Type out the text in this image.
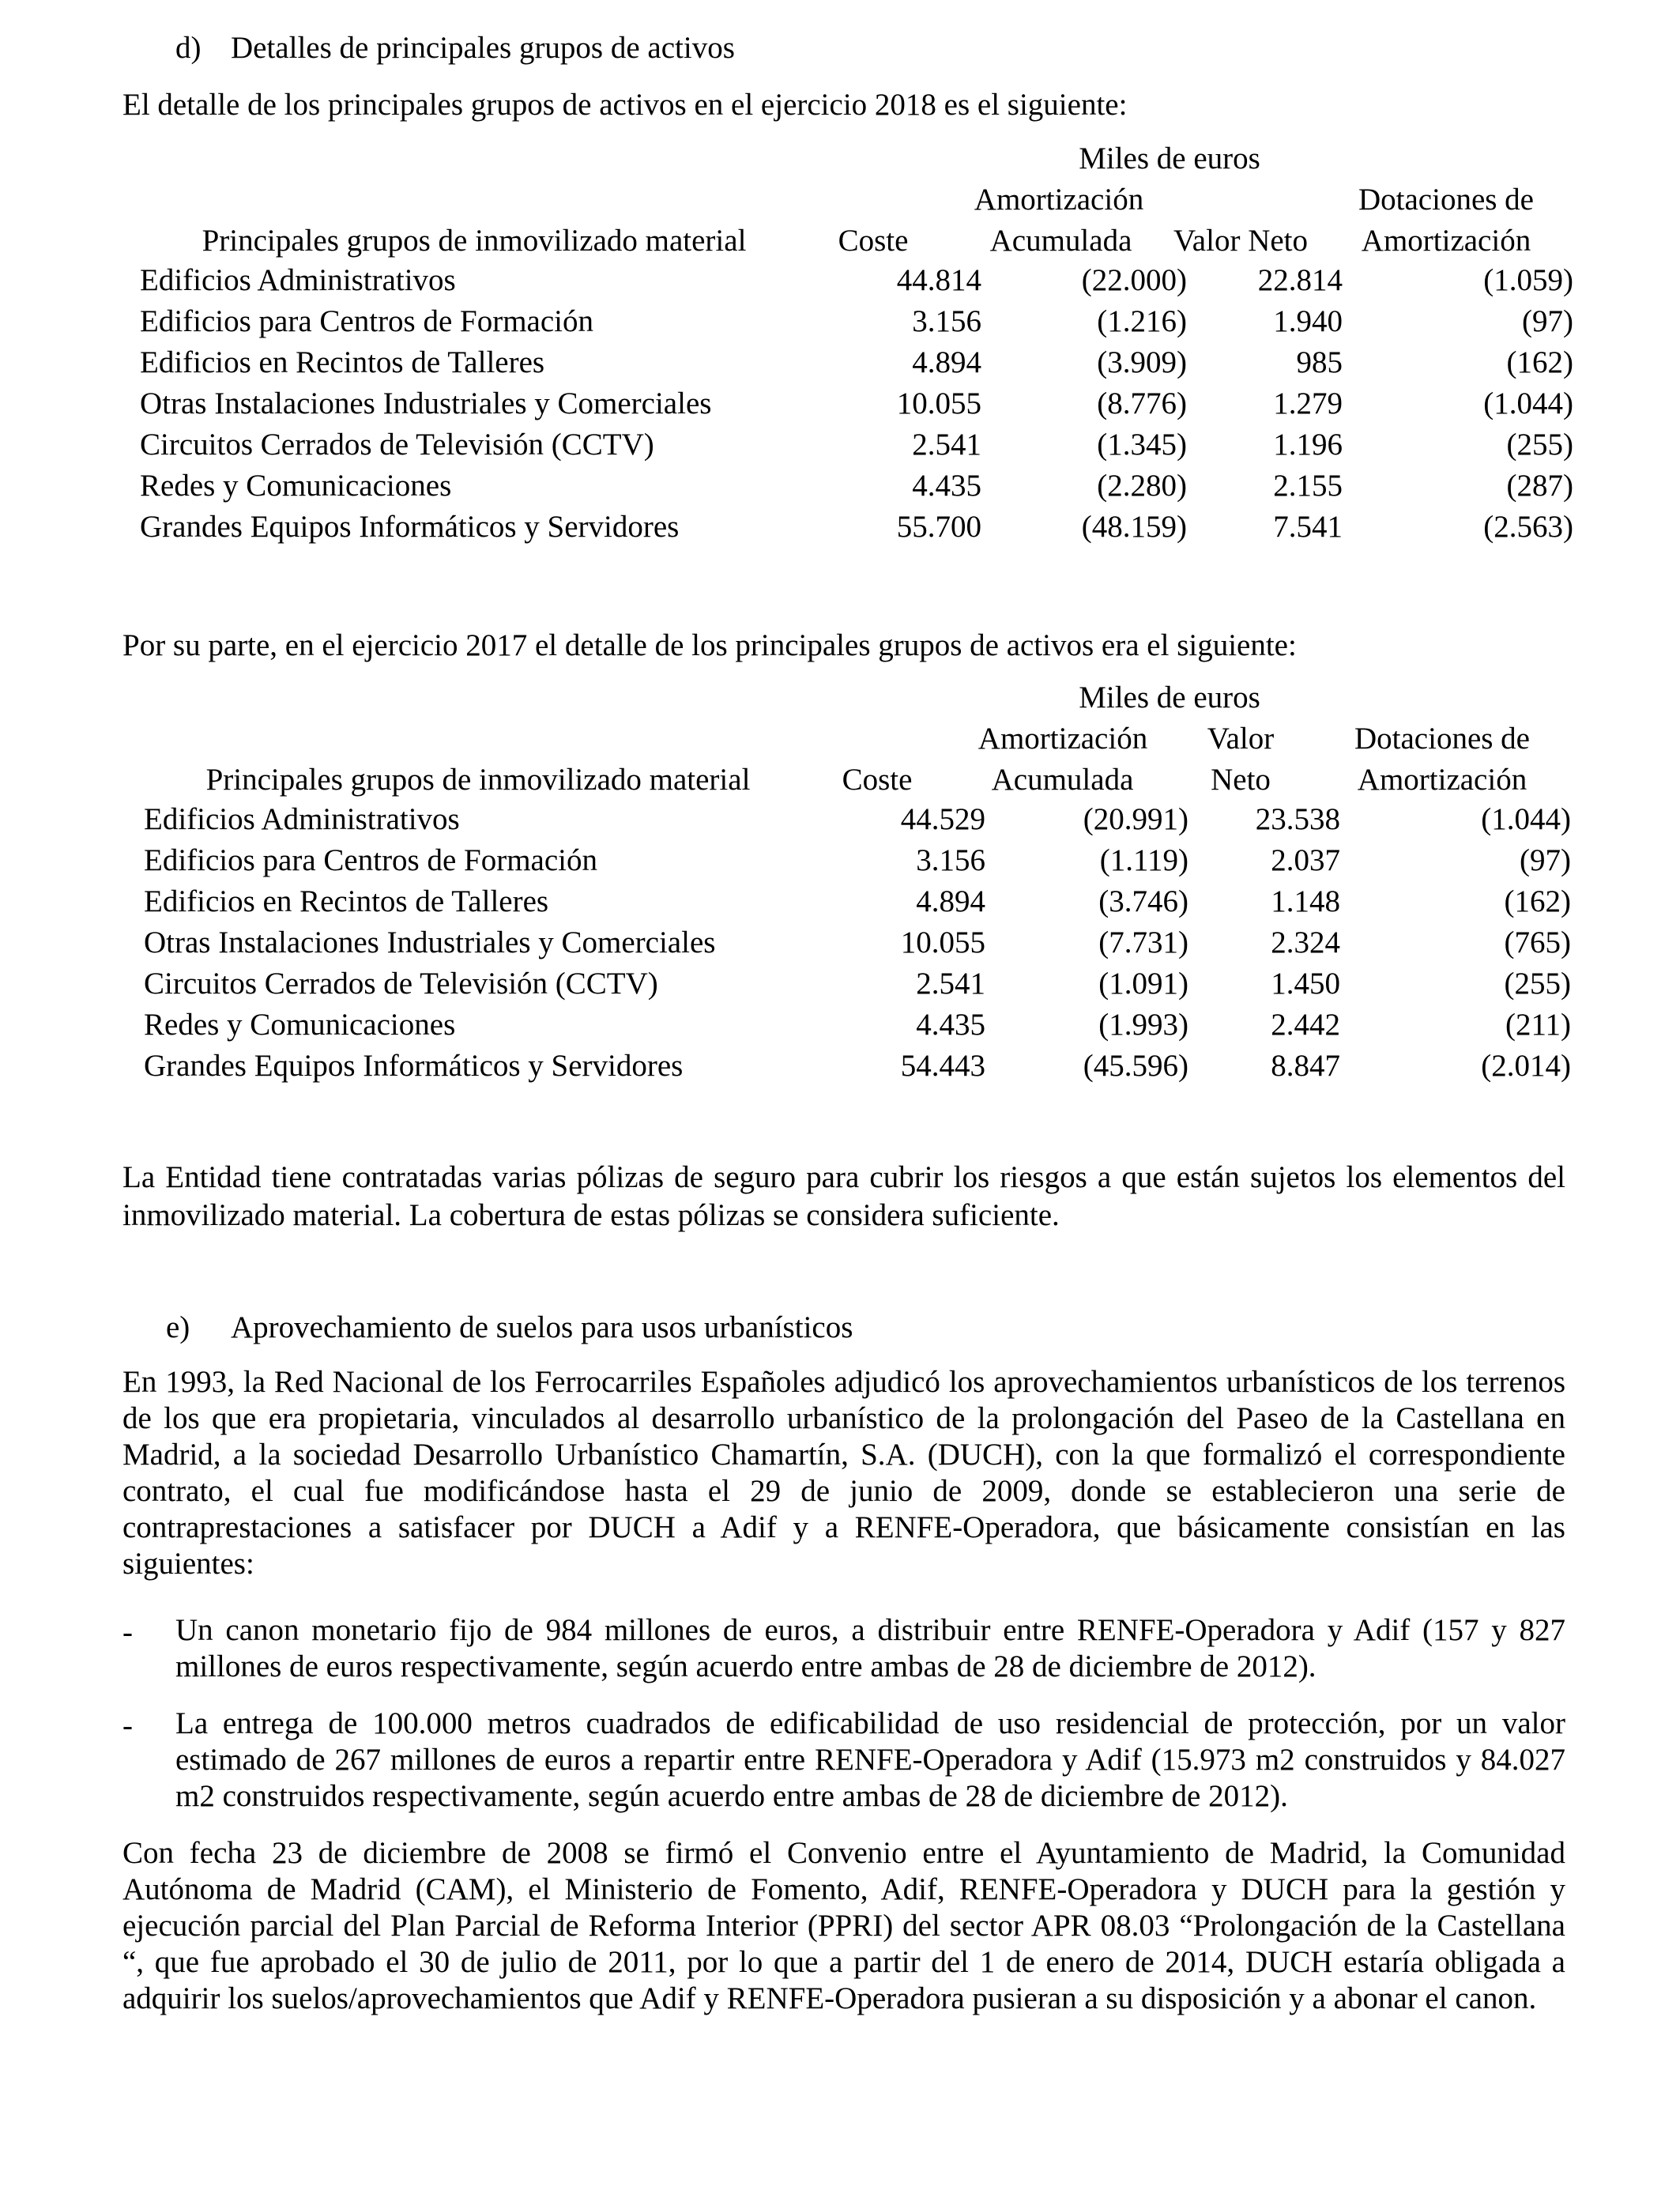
d) Detalles de principales grupos de activos
El detalle de los principales grupos de activos en el ejercicio 2018 es el siguiente:
Miles de euros
Amortización	Dotaciones de
Principales grupos de inmovilizado material	Coste	Acumulada	Valor Neto	Amortización
Edificios Administrativos	44.814	(22.000)	22.814	(1.059)
Edificios para Centros de Formación	3.156	(1.216)	1.940	(97)
Edificios en Recintos de Talleres	4.894	(3.909)	985	(162)
Otras Instalaciones Industriales y Comerciales	10.055	(8.776)	1.279	(1.044)
Circuitos Cerrados de Televisión (CCTV)	2.541	(1.345)	1.196	(255)
Redes y Comunicaciones	4.435	(2.280)	2.155	(287)
Grandes Equipos Informáticos y Servidores	55.700	(48.159)	7.541	(2.563)
Por su parte, en el ejercicio 2017 el detalle de los principales grupos de activos era el siguiente:
Miles de euros
Amortización	Valor	Dotaciones de
Principales grupos de inmovilizado material	Coste	Acumulada	Neto	Amortización
Edificios Administrativos	44.529	(20.991)	23.538	(1.044)
Edificios para Centros de Formación	3.156	(1.119)	2.037	(97)
Edificios en Recintos de Talleres	4.894	(3.746)	1.148	(162)
Otras Instalaciones Industriales y Comerciales	10.055	(7.731)	2.324	(765)
Circuitos Cerrados de Televisión (CCTV)	2.541	(1.091)	1.450	(255)
Redes y Comunicaciones	4.435	(1.993)	2.442	(211)
Grandes Equipos Informáticos y Servidores	54.443	(45.596)	8.847	(2.014)
La Entidad tiene contratadas varias pólizas de seguro para cubrir los riesgos a que están sujetos los elementos del inmovilizado material. La cobertura de estas pólizas se considera suficiente.
e) Aprovechamiento de suelos para usos urbanísticos
En 1993, la Red Nacional de los Ferrocarriles Españoles adjudicó los aprovechamientos urbanísticos de los terrenos de los que era propietaria, vinculados al desarrollo urbanístico de la prolongación del Paseo de la Castellana en Madrid, a la sociedad Desarrollo Urbanístico Chamartín, S.A. (DUCH), con la que formalizó el correspondiente contrato, el cual fue modificándose hasta el 29 de junio de 2009, donde se establecieron una serie de contraprestaciones a satisfacer por DUCH a Adif y a RENFE-Operadora, que básicamente consistían en las siguientes:
- Un canon monetario fijo de 984 millones de euros, a distribuir entre RENFE-Operadora y Adif (157 y 827 millones de euros respectivamente, según acuerdo entre ambas de 28 de diciembre de 2012).
- La entrega de 100.000 metros cuadrados de edificabilidad de uso residencial de protección, por un valor estimado de 267 millones de euros a repartir entre RENFE-Operadora y Adif (15.973 m2 construidos y 84.027 m2 construidos respectivamente, según acuerdo entre ambas de 28 de diciembre de 2012).
Con fecha 23 de diciembre de 2008 se firmó el Convenio entre el Ayuntamiento de Madrid, la Comunidad Autónoma de Madrid (CAM), el Ministerio de Fomento, Adif, RENFE-Operadora y DUCH para la gestión y ejecución parcial del Plan Parcial de Reforma Interior (PPRI) del sector APR 08.03 “Prolongación de la Castellana “, que fue aprobado el 30 de julio de 2011, por lo que a partir del 1 de enero de 2014, DUCH estaría obligada a adquirir los suelos/aprovechamientos que Adif y RENFE-Operadora pusieran a su disposición y a abonar el canon.
